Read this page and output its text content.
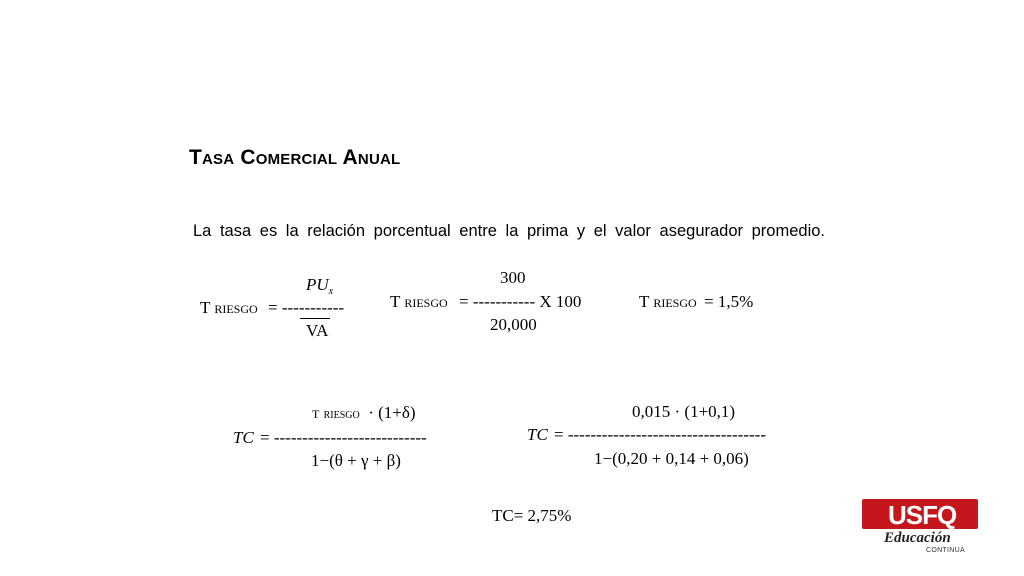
Tasa Comercial Anual
La tasa es la relación porcentual entre la prima y el valor asegurador promedio.
$PU_x$
T RIESGO = -----------
VA
300
T RIESGO = ----------- X 100
20,000
T RIESGO = 1,5%
T RIESGO · (1+δ)
TC = ---------------------------
1−(θ + γ + β)
0,015 · (1+0,1)
TC = -----------------------------------
1−(0,20 + 0,14 + 0,06)
TC= 2,75%	USFQ
Educación
CONTINUA
